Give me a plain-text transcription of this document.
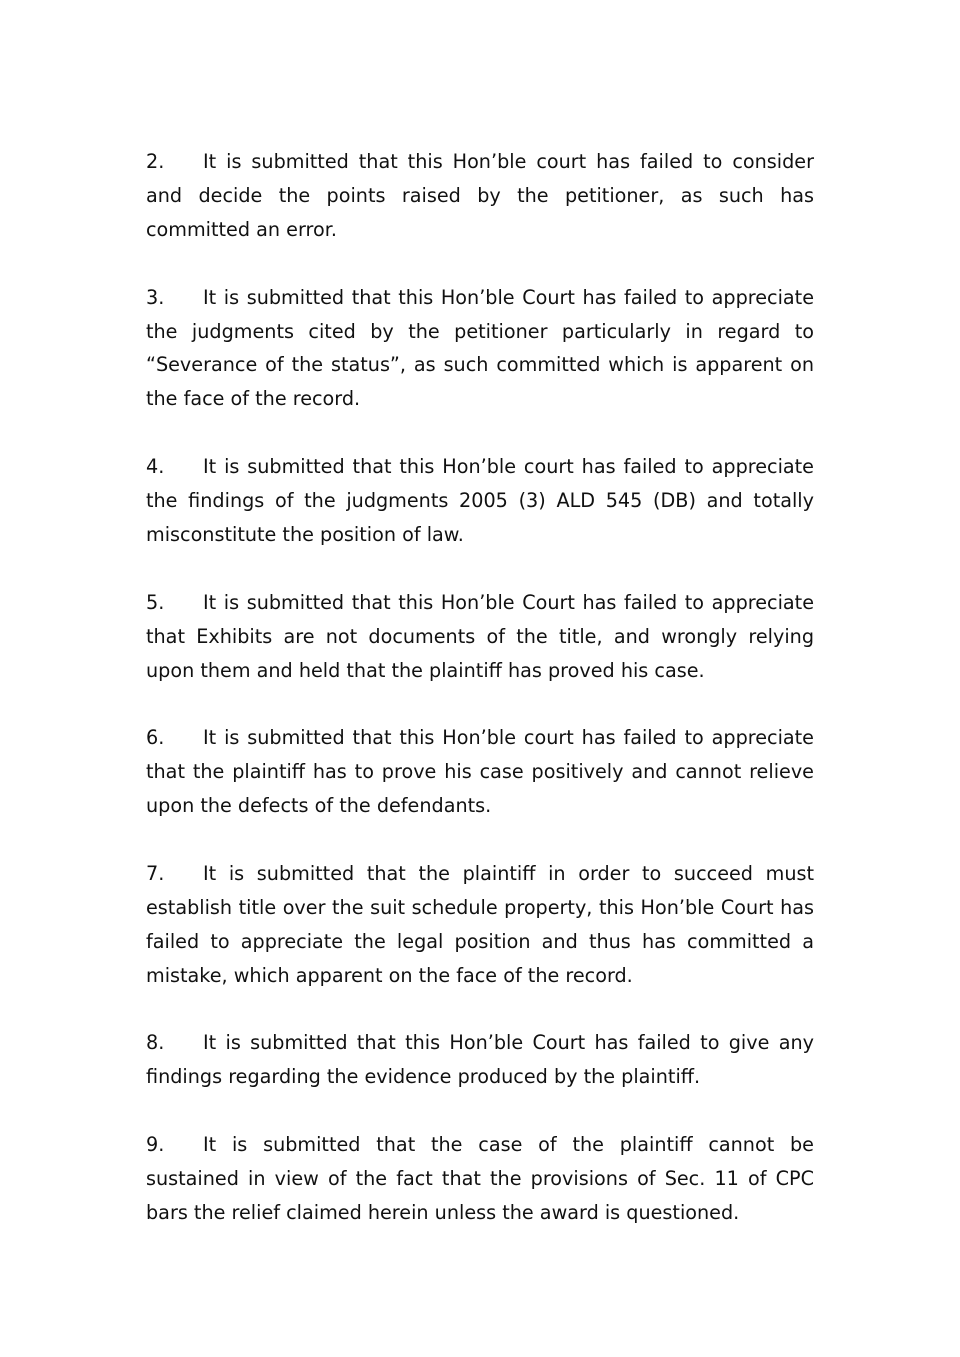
2. It is submitted that this Hon’ble court has failed to consider and decide the points raised by the petitioner, as such has committed an error.

3. It is submitted that this Hon’ble Court has failed to appreciate the judgments cited by the petitioner particularly in regard to “Severance of the status”, as such committed which is apparent on the face of the record.

4. It is submitted that this Hon’ble court has failed to appreciate the findings of the judgments 2005 (3) ALD 545 (DB) and totally misconstitute the position of law.

5. It is submitted that this Hon’ble Court has failed to appreciate that Exhibits are not documents of the title, and wrongly relying upon them and held that the plaintiff has proved his case.

6. It is submitted that this Hon’ble court has failed to appreciate that the plaintiff has to prove his case positively and cannot relieve upon the defects of the defendants.

7. It is submitted that the plaintiff in order to succeed must establish title over the suit schedule property, this Hon’ble Court has failed to appreciate the legal position and thus has committed a mistake, which apparent on the face of the record.

8. It is submitted that this Hon’ble Court has failed to give any findings regarding the evidence produced by the plaintiff.

9. It is submitted that the case of the plaintiff cannot be sustained in view of the fact that the provisions of Sec. 11 of CPC bars the relief claimed herein unless the award is questioned.
